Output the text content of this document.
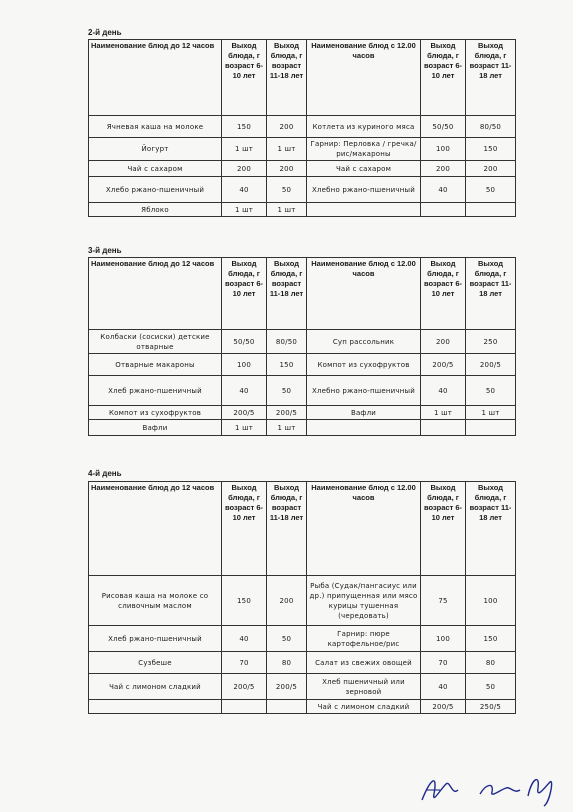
2-й день
Наименование блюд до 12 часов	Выход блюда, г возраст 6-10 лет	Выход блюда, г возраст 11-18 лет	Наименование блюд с 12.00 часов	Выход блюда, г возраст 6-10 лет	Выход блюда, г возраст 11-18 лет
Ячневая каша на молоке	150	200	Котлета из куриного мяса	50/50	80/50
Йогурт	1 шт	1 шт	Гарнир: Перловка / гречка/ рис/макароны	100	150
Чай с сахаром	200	200	Чай с сахаром	200	200
Хлебо ржано-пшеничный	40	50	Хлебно ржано-пшеничный	40	50
Яблоко	1 шт	1 шт			
3-й день
Наименование блюд до 12 часов	Выход блюда, г возраст 6-10 лет	Выход блюда, г возраст 11-18 лет	Наименование блюд с 12.00 часов	Выход блюда, г возраст 6-10 лет	Выход блюда, г возраст 11-18 лет
Колбаски (сосиски) детские отварные	50/50	80/50	Суп рассольник	200	250
Отварные макароны	100	150	Компот из сухофруктов	200/5	200/5
Хлеб ржано-пшеничный	40	50	Хлебно ржано-пшеничный	40	50
Компот из сухофруктов	200/5	200/5	Вафли	1 шт	1 шт
Вафли	1 шт	1 шт			
4-й день
Наименование блюд до 12 часов	Выход блюда, г возраст 6-10 лет	Выход блюда, г возраст 11-18 лет	Наименование блюд с 12.00 часов	Выход блюда, г возраст 6-10 лет	Выход блюда, г возраст 11-18 лет
Рисовая каша на молоке со сливочным маслом	150	200	Рыба (Судак/пангасиус или др.) припущенная или мясо курицы тушенная (чередовать)	75	100
Хлеб ржано-пшеничный	40	50	Гарнир: пюре картофельное/рис	100	150
Сузбеше	70	80	Салат из свежих овощей	70	80
Чай с лимоном сладкий	200/5	200/5	Хлеб пшеничный или зерновой	40	50
			Чай с лимоном сладкий	200/5	250/5
